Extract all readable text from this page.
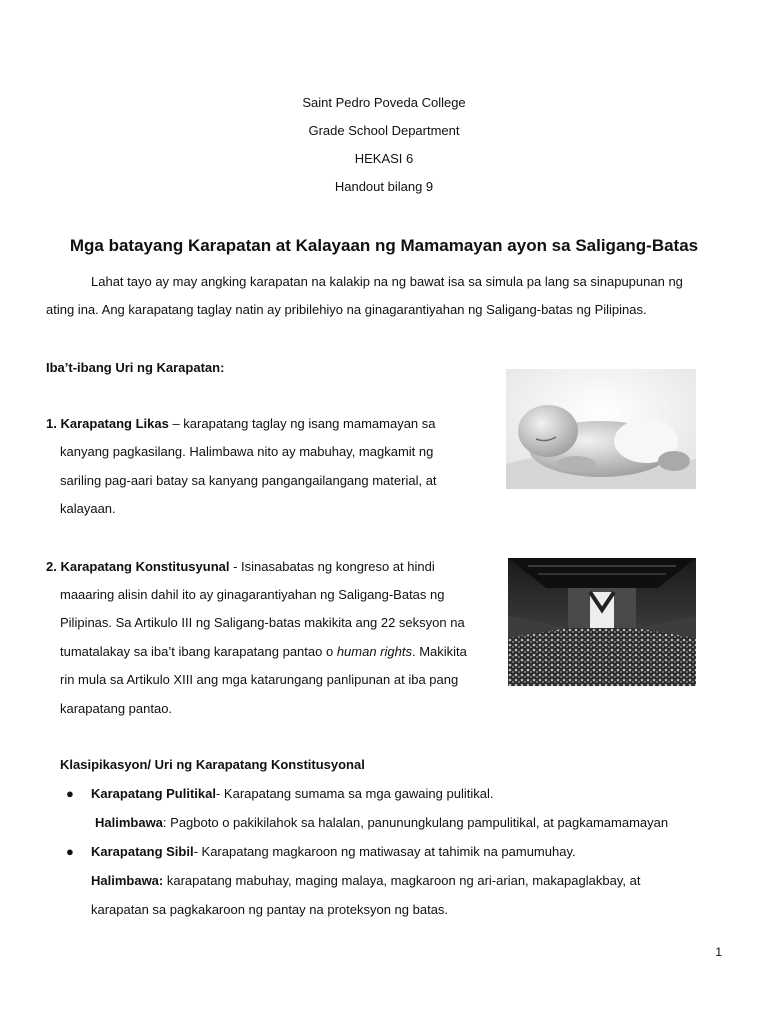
Saint Pedro Poveda College
Grade School Department
HEKASI 6
Handout bilang 9
Mga batayang Karapatan at Kalayaan ng Mamamayan ayon sa Saligang-Batas
Lahat tayo ay may angking karapatan na kalakip na ng bawat isa sa simula pa lang sa sinapupunan ng
ating ina. Ang karapatang taglay natin ay pribilehiyo na ginagarantiyahan ng Saligang-batas ng Pilipinas.
Iba’t-ibang Uri ng Karapatan:
1. Karapatang Likas – karapatang taglay ng isang mamamayan sa
kanyang pagkasilang. Halimbawa nito ay mabuhay, magkamit ng
sariling pag-aari batay sa kanyang pangangailangang material, at
kalayaan.
2. Karapatang Konstitusyunal - Isinasabatas ng kongreso at hindi
maaaring alisin dahil ito ay ginagarantiyahan ng Saligang-Batas ng
Pilipinas. Sa Artikulo III ng Saligang-batas makikita ang 22 seksyon na
tumatalakay sa iba’t ibang karapatang pantao o human rights. Makikita
rin mula sa Artikulo XIII ang mga katarungang panlipunan at iba pang
karapatang pantao.
Klasipikasyon/ Uri ng Karapatang Konstitusyonal
● Karapatang Pulitikal- Karapatang sumama sa mga gawaing pulitikal.
Halimbawa: Pagboto o pakikilahok sa halalan, panunungkulang pampulitikal, at pagkamamamayan
● Karapatang Sibil- Karapatang magkaroon ng matiwasay at tahimik na pamumuhay.
Halimbawa: karapatang mabuhay, maging malaya, magkaroon ng ari-arian, makapaglakbay, at
karapatan sa pagkakaroon ng pantay na proteksyon ng batas.
1
